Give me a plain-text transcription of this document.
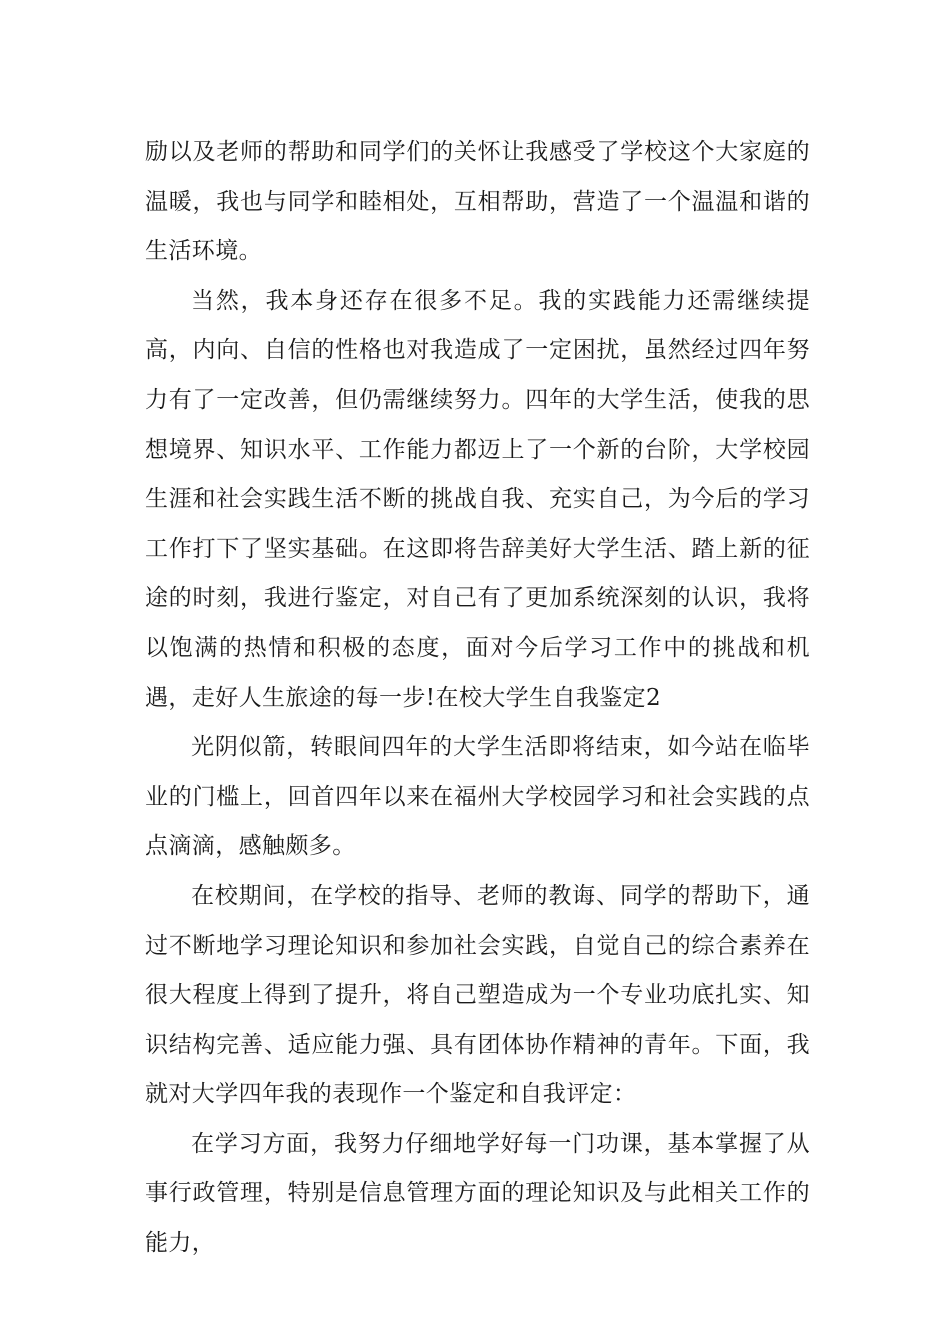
励以及老师的帮助和同学们的关怀让我感受了学校这个大家庭的温暖，我也与同学和睦相处，互相帮助，营造了一个温温和谐的生活环境。

当然，我本身还存在很多不足。我的实践能力还需继续提高，内向、自信的性格也对我造成了一定困扰，虽然经过四年努力有了一定改善，但仍需继续努力。四年的大学生活，使我的思想境界、知识水平、工作能力都迈上了一个新的台阶，大学校园生涯和社会实践生活不断的挑战自我、充实自己，为今后的学习工作打下了坚实基础。在这即将告辞美好大学生活、踏上新的征途的时刻，我进行鉴定，对自己有了更加系统深刻的认识，我将以饱满的热情和积极的态度，面对今后学习工作中的挑战和机遇，走好人生旅途的每一步!在校大学生自我鉴定2

光阴似箭，转眼间四年的大学生活即将结束，如今站在临毕业的门槛上，回首四年以来在福州大学校园学习和社会实践的点点滴滴，感触颇多。

在校期间，在学校的指导、老师的教诲、同学的帮助下，通过不断地学习理论知识和参加社会实践，自觉自己的综合素养在很大程度上得到了提升，将自己塑造成为一个专业功底扎实、知识结构完善、适应能力强、具有团体协作精神的青年。下面，我就对大学四年我的表现作一个鉴定和自我评定：

在学习方面，我努力仔细地学好每一门功课，基本掌握了从事行政管理，特别是信息管理方面的理论知识及与此相关工作的能力，
